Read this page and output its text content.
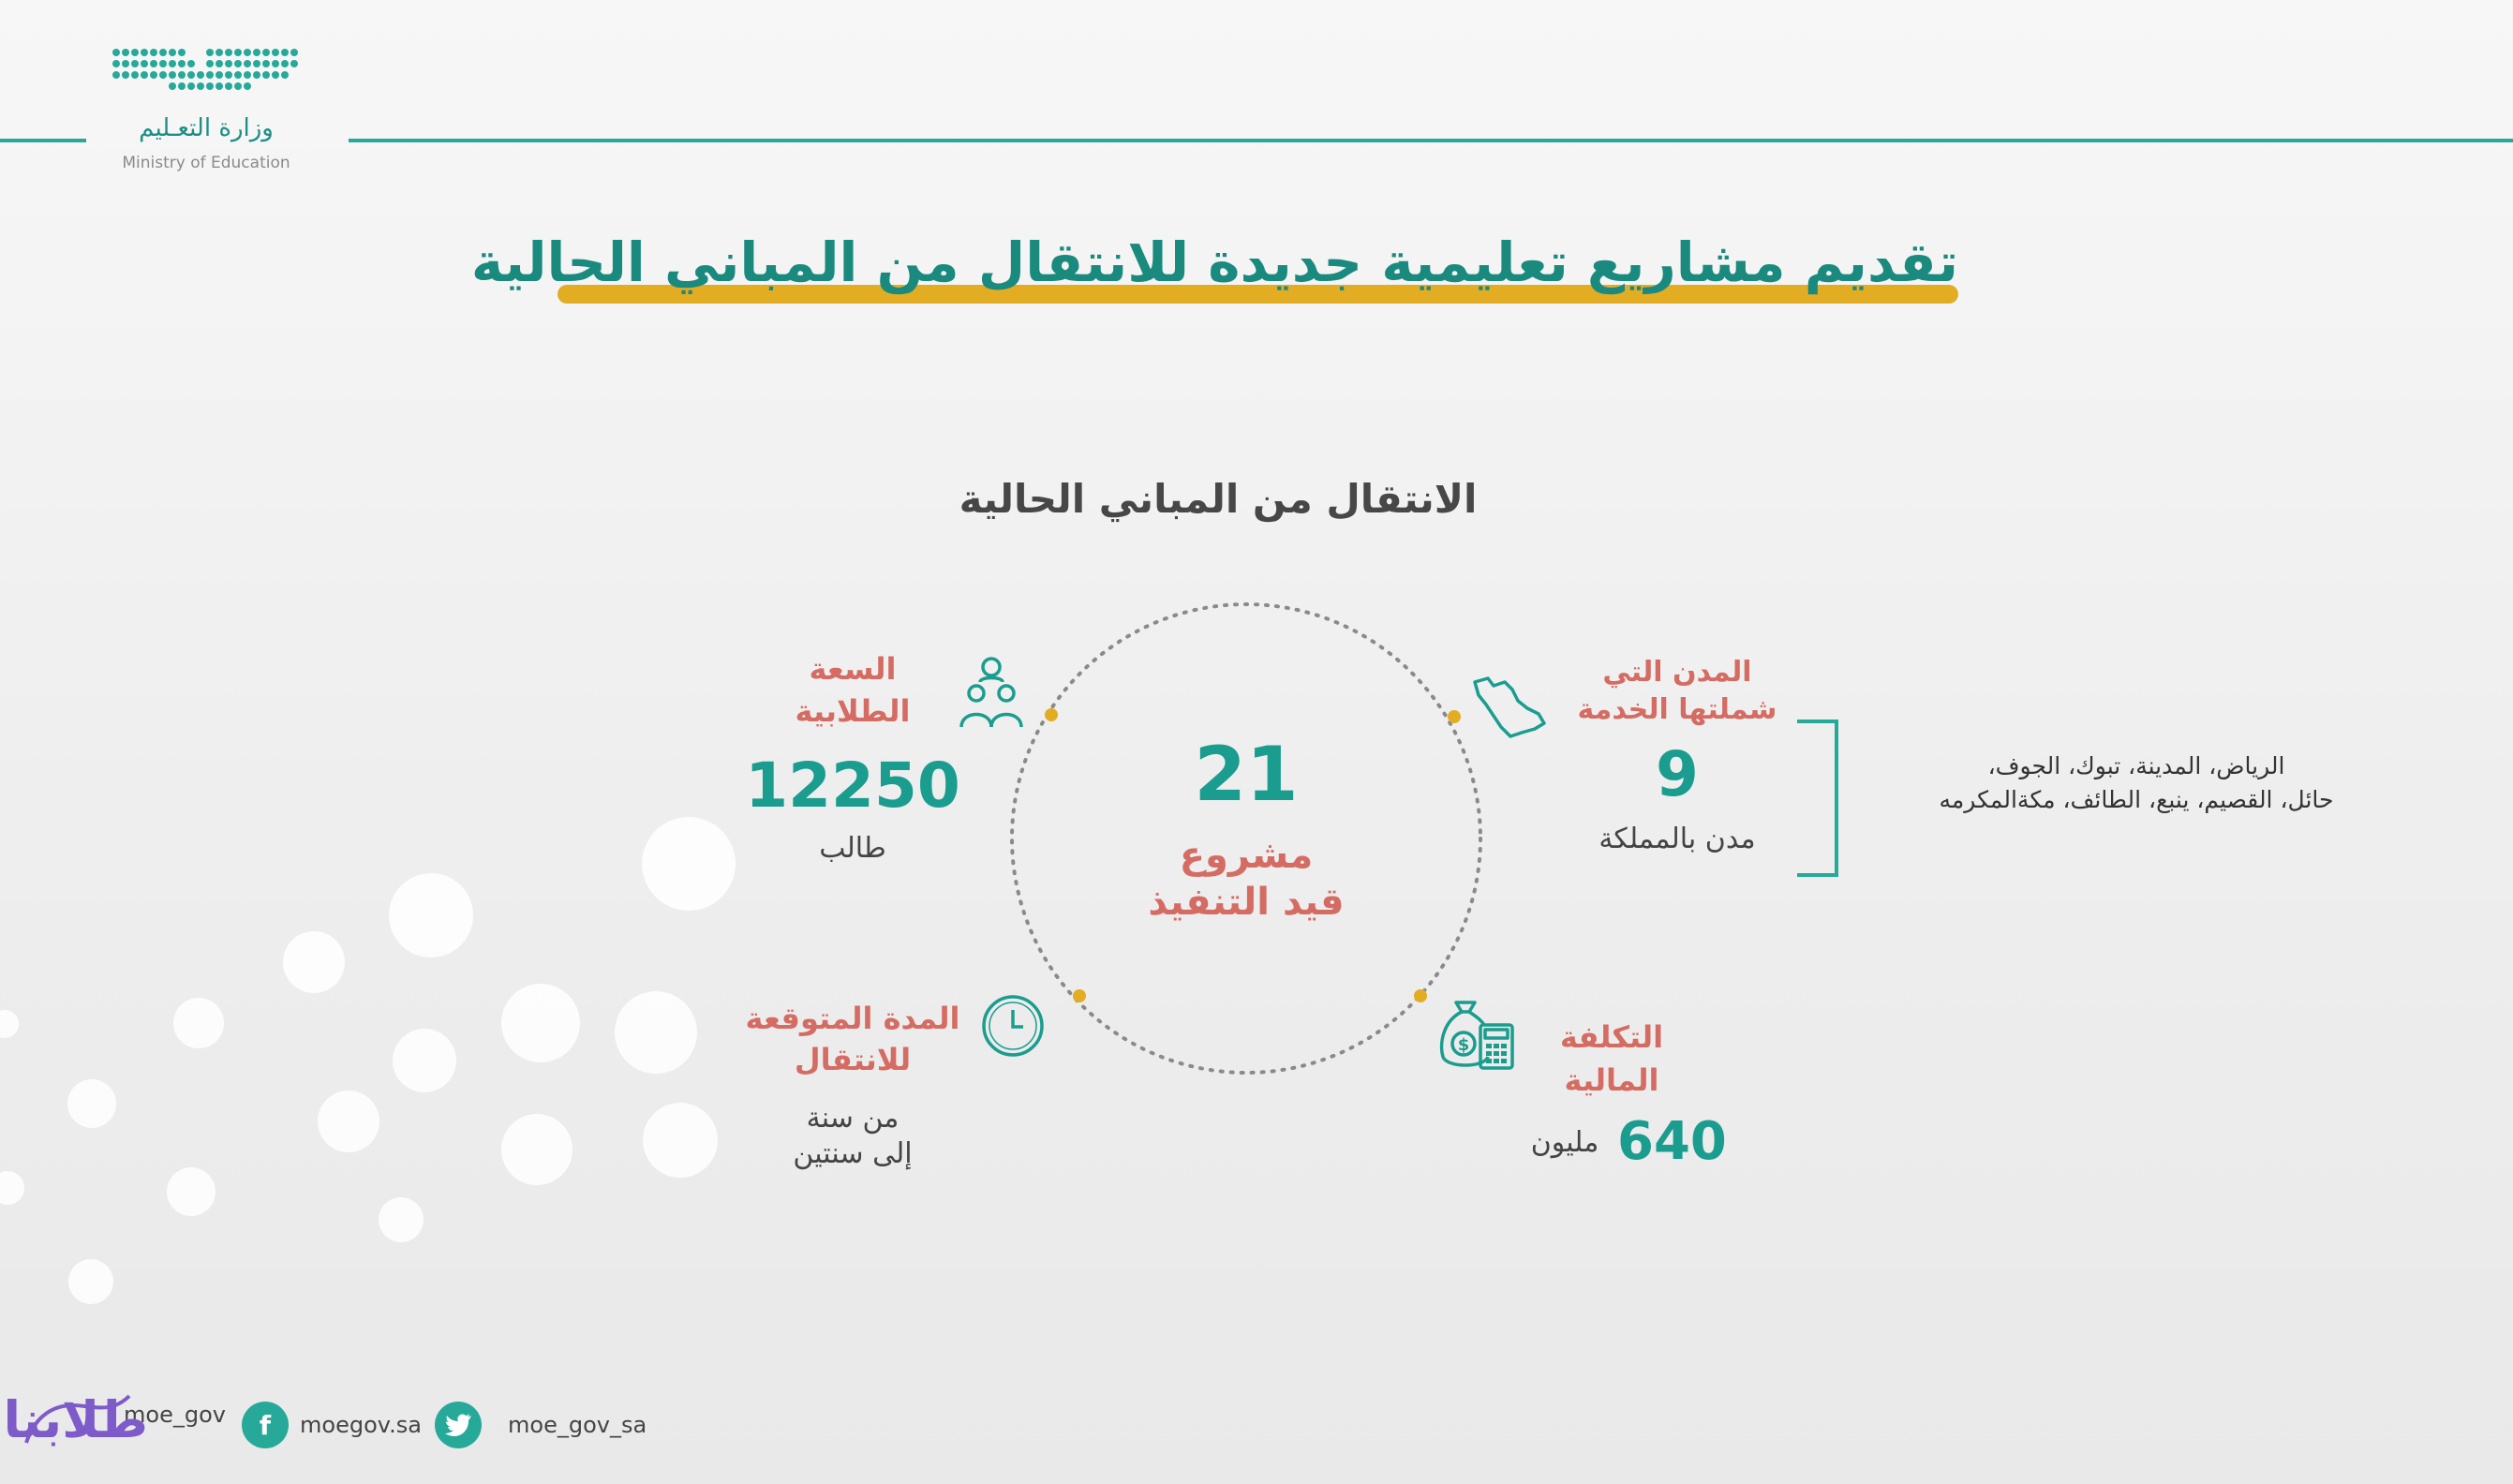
وزارة التعـليم
Ministry of Education
تقديم مشاريع تعليمية جديدة للانتقال من المباني الحالية
الانتقال من المباني الحالية
21
مشروع
قيد التنفيذ
السعة
الطلابية
12250
طالب
المدن التي
شملتها الخدمة
9
مدن بالمملكة
الرياض، المدينة، تبوك، الجوف،
حائل، القصيم، ينبع، الطائف، مكةالمكرمه
المدة المتوقعة
للانتقال
من سنة
إلى سنتين
$	التكلفة
المالية
640
مليون
moe_gov	f	moegov.sa	moe_gov_sa
طلابنا
